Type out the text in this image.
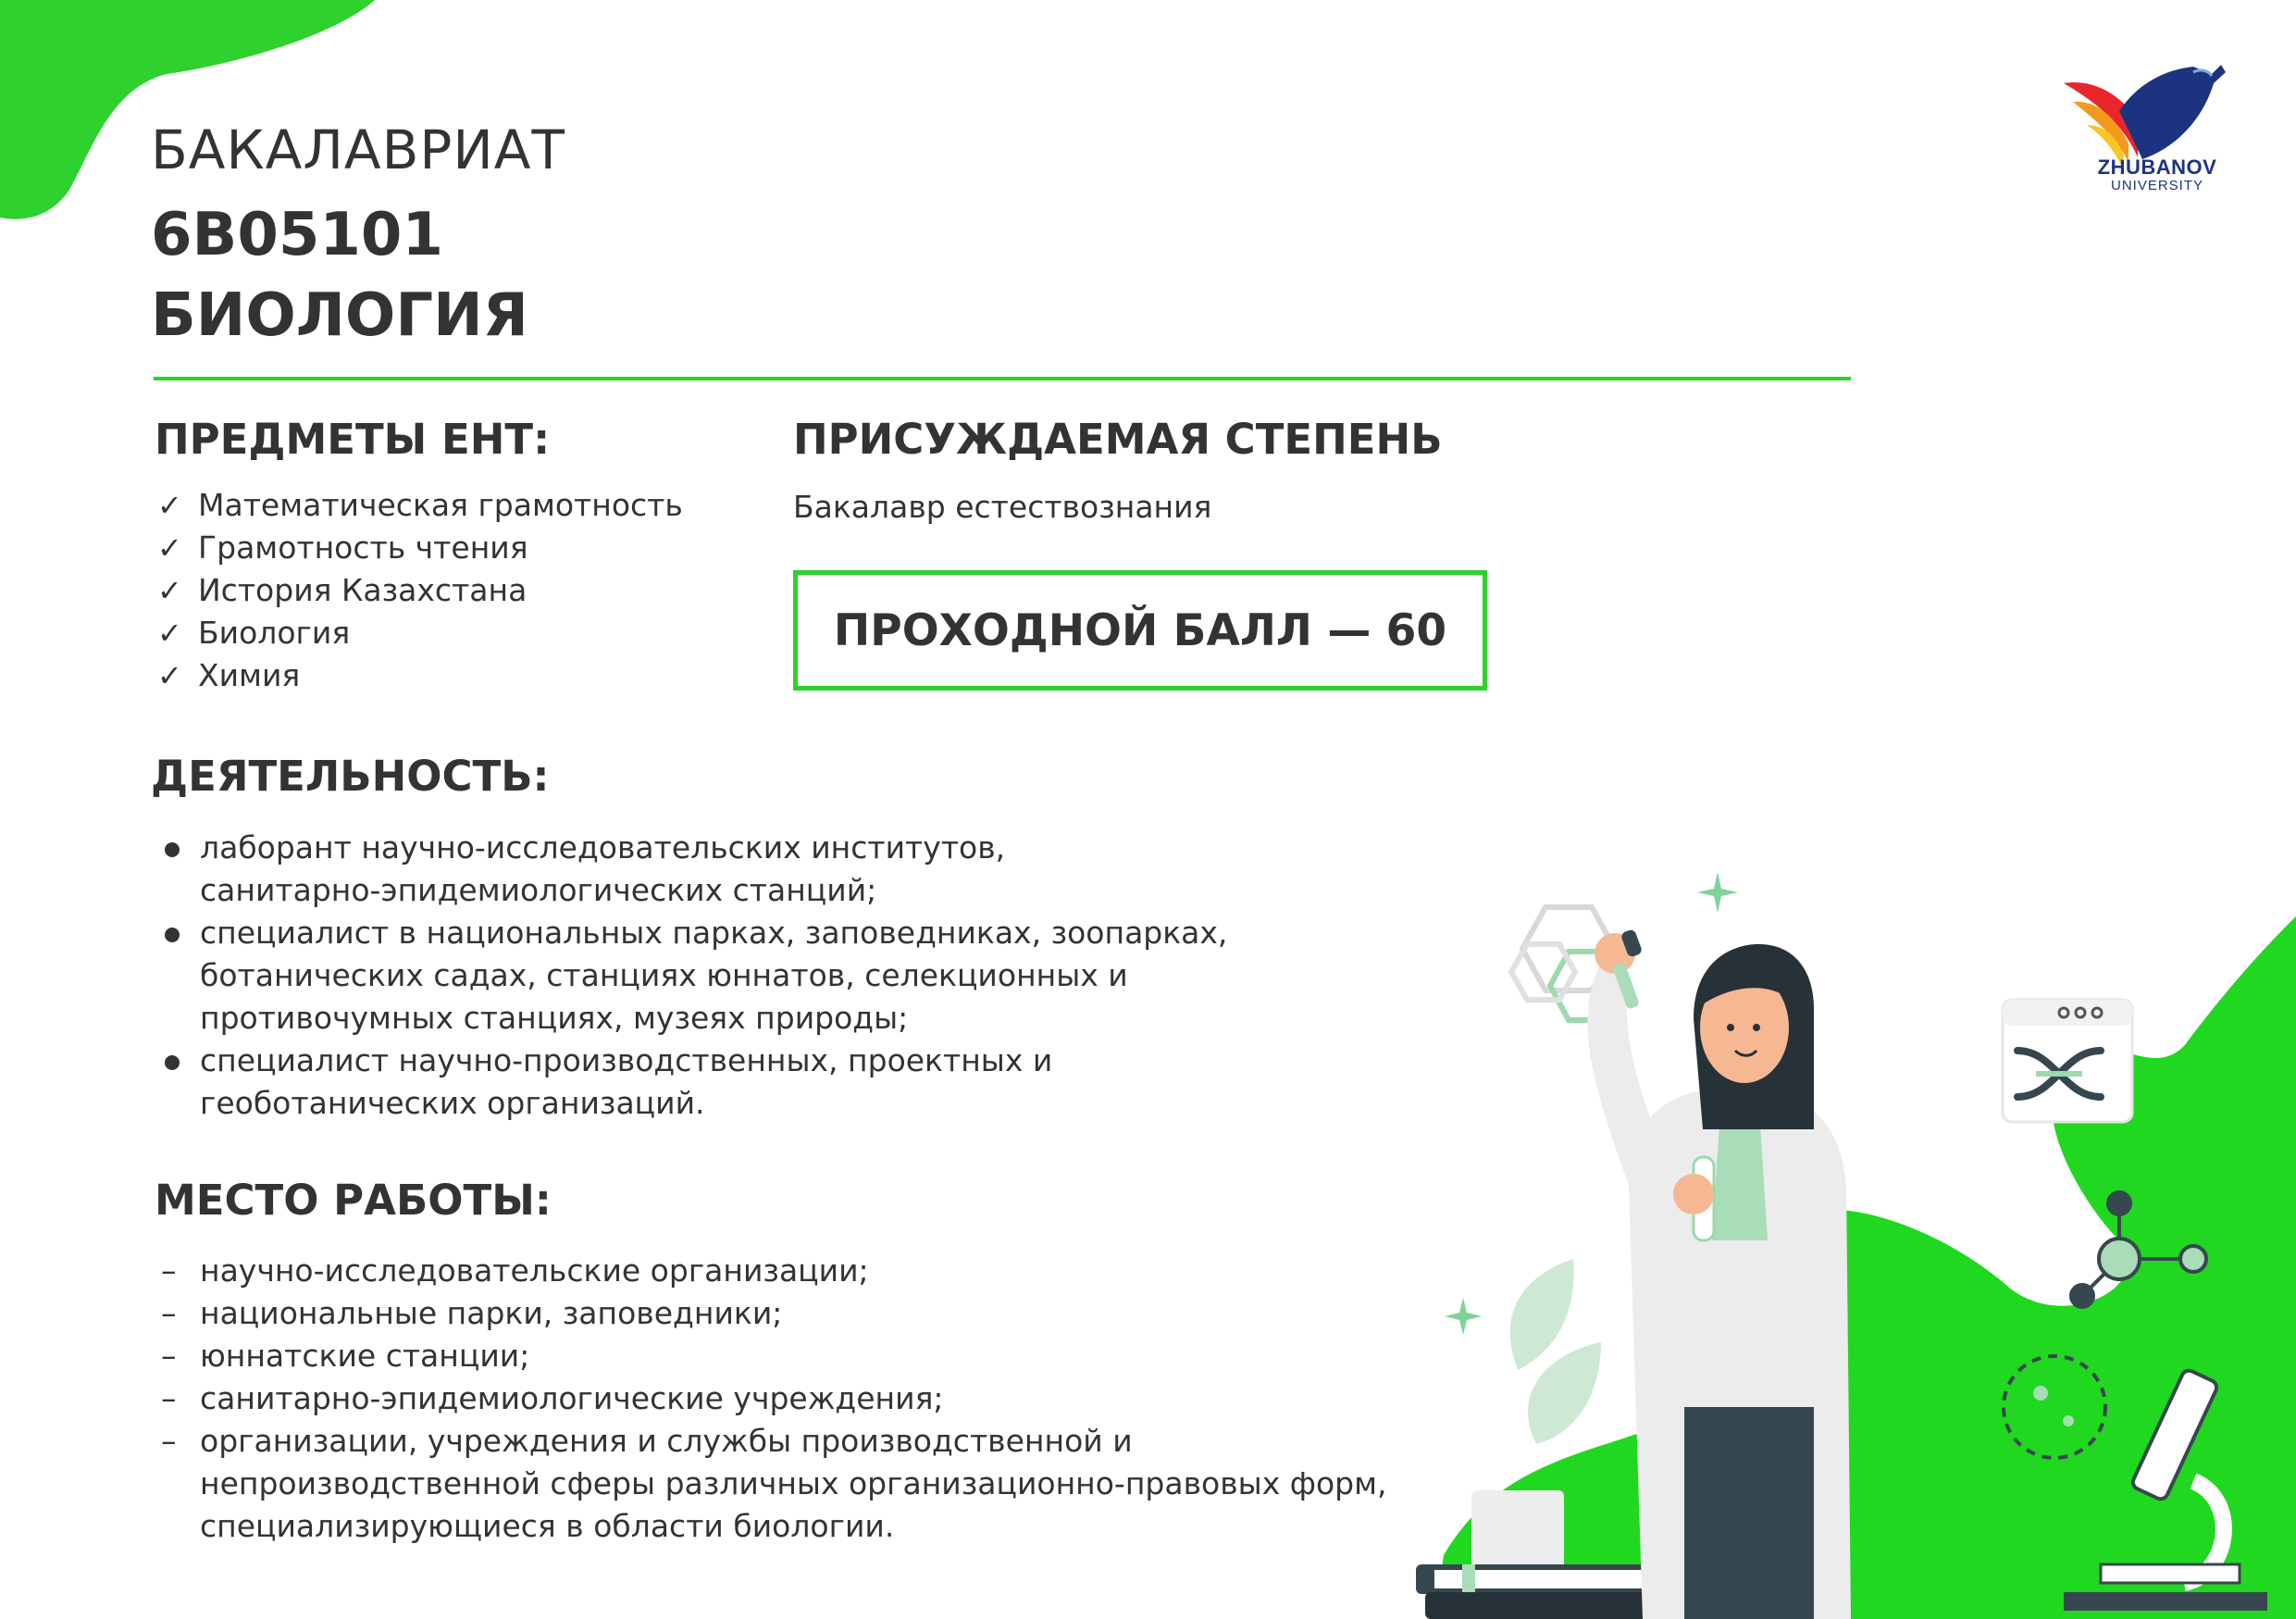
ZHUBANOV
UNIVERSITY
БАКАЛАВРИАТ
6В05101
БИОЛОГИЯ
ПРЕДМЕТЫ ЕНТ:
✓ Математическая грамотность
✓ Грамотность чтения
✓ История Казахстана
✓ Биология
✓ Химия
ПРИСУЖДАЕМАЯ СТЕПЕНЬ
Бакалавр естествознания
ПРОХОДНОЙ БАЛЛ — 60
ДЕЯТЕЛЬНОСТЬ:
лаборант научно-исследовательских институтов,
санитарно-эпидемиологических станций;
специалист в национальных парках, заповедниках, зоопарках,
ботанических садах, станциях юннатов, селекционных и
противочумных станциях, музеях природы;
специалист научно-производственных, проектных и
геоботанических организаций.
МЕСТО РАБОТЫ:
– научно-исследовательские организации;
– национальные парки, заповедники;
– юннатские станции;
– санитарно-эпидемиологические учреждения;
– организации, учреждения и службы производственной и
непроизводственной сферы различных организационно-правовых форм,
специализирующиеся в области биологии.
